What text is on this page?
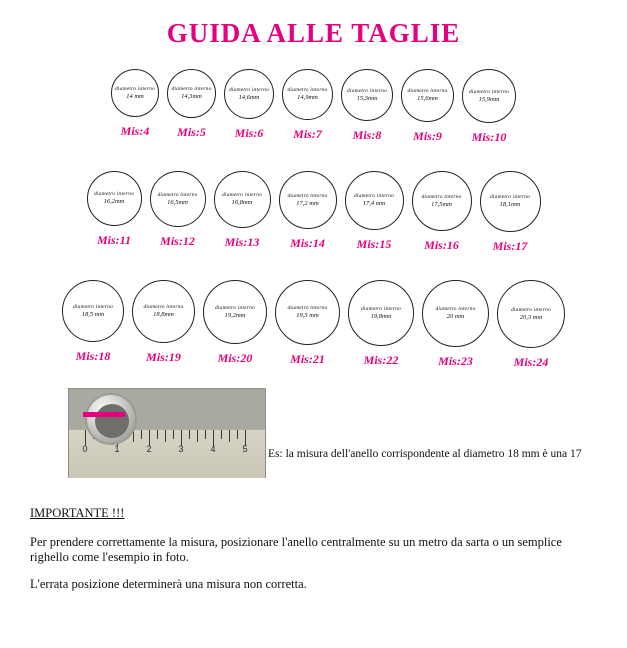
GUIDA ALLE TAGLIE
diametro interno
14 mm
Mis:4
diametro interno
14,3mm
Mis:5
diametro interno
14,6mm
Mis:6
diametro interno
14,9mm
Mis:7
diametro interno
15,3mm
Mis:8
diametro interno
15,6mm
Mis:9
diametro interno
15,9mm
Mis:10
diametro interno
16,2mm
Mis:11
diametro interno
16,5mm
Mis:12
diametro interno
16,8mm
Mis:13
diametro interno
17,2 mm
Mis:14
diametro interno
17,4 mm
Mis:15
diametro interno
17,5mm
Mis:16
diametro interno
18,1mm
Mis:17
diametro interno
18,5 mm
Mis:18
diametro interno
18,8mm
Mis:19
diametro interno
19,2mm
Mis:20
diametro interno
19,5 mm
Mis:21
diametro interno
19,8mm
Mis:22
diametro interno
20 mm
Mis:23
diametro interno
20,3 mm
Mis:24
0	1	2	3	4	5 Es: la misura dell'anello corrispondente al diametro 18 mm è una 17
IMPORTANTE !!!
Per prendere correttamente la misura, posizionare l'anello centralmente su un metro da sarta o un semplice righello come l'esempio in foto.
L'errata posizione determinerà una misura non corretta.
